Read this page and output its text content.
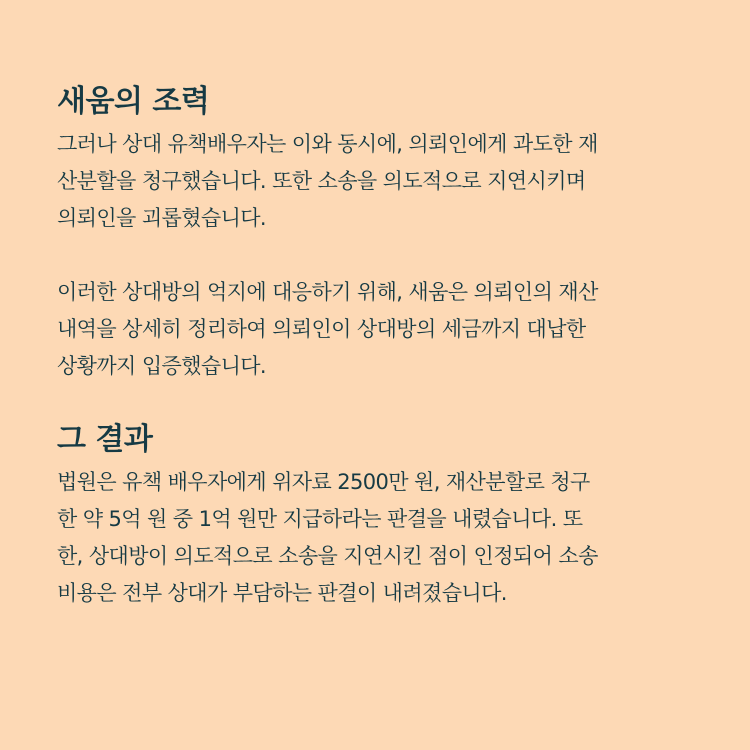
새움의 조력

그러나 상대 유책배우자는 이와 동시에, 의뢰인에게 과도한 재
산분할을 청구했습니다. 또한 소송을 의도적으로 지연시키며
의뢰인을 괴롭혔습니다.

이러한 상대방의 억지에 대응하기 위해, 새움은 의뢰인의 재산
내역을 상세히 정리하여 의뢰인이 상대방의 세금까지 대납한
상황까지 입증했습니다.

그 결과

법원은 유책 배우자에게 위자료 2500만 원, 재산분할로 청구
한 약 5억 원 중 1억 원만 지급하라는 판결을 내렸습니다. 또
한, 상대방이 의도적으로 소송을 지연시킨 점이 인정되어 소송
비용은 전부 상대가 부담하는 판결이 내려졌습니다.
